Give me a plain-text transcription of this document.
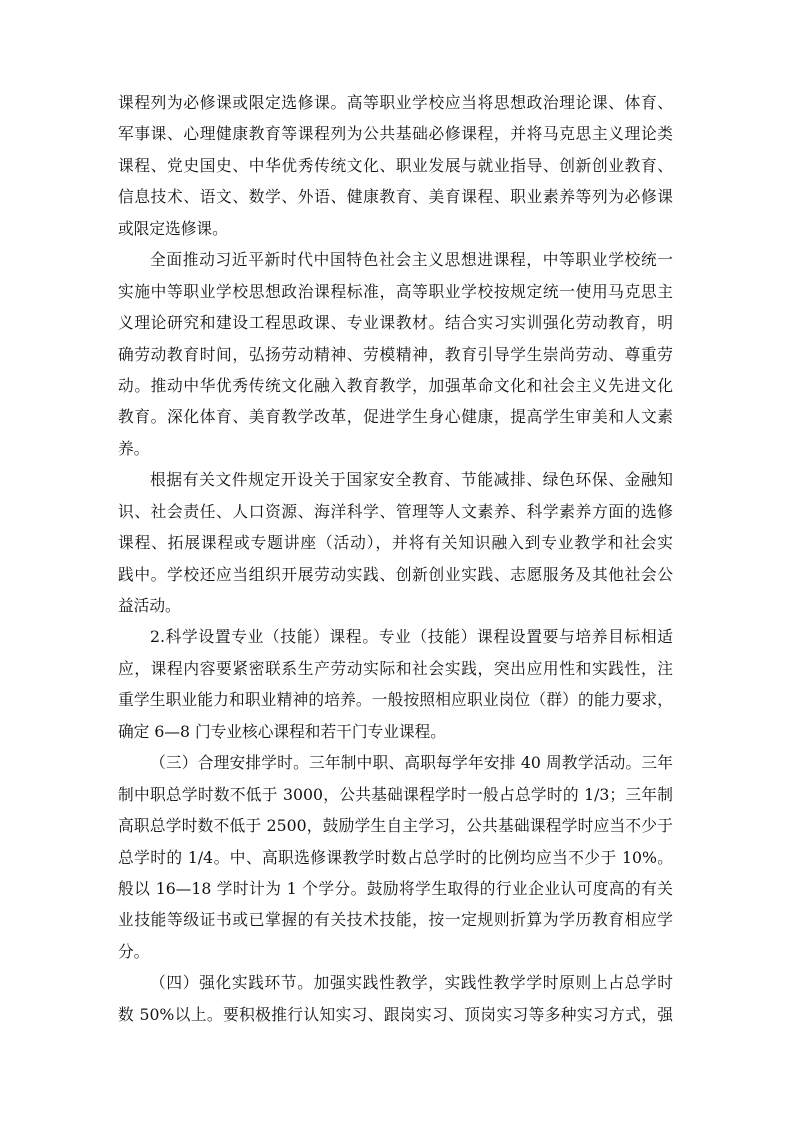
课程列为必修课或限定选修课。高等职业学校应当将思想政治理论课、体育、
军事课、心理健康教育等课程列为公共基础必修课程，并将马克思主义理论类
课程、党史国史、中华优秀传统文化、职业发展与就业指导、创新创业教育、
信息技术、语文、数学、外语、健康教育、美育课程、职业素养等列为必修课
或限定选修课。
全面推动习近平新时代中国特色社会主义思想进课程，中等职业学校统一
实施中等职业学校思想政治课程标准，高等职业学校按规定统一使用马克思主
义理论研究和建设工程思政课、专业课教材。结合实习实训强化劳动教育，明
确劳动教育时间，弘扬劳动精神、劳模精神，教育引导学生崇尚劳动、尊重劳
动。推动中华优秀传统文化融入教育教学，加强革命文化和社会主义先进文化
教育。深化体育、美育教学改革，促进学生身心健康，提高学生审美和人文素
养。
根据有关文件规定开设关于国家安全教育、节能减排、绿色环保、金融知
识、社会责任、人口资源、海洋科学、管理等人文素养、科学素养方面的选修
课程、拓展课程或专题讲座（活动），并将有关知识融入到专业教学和社会实
践中。学校还应当组织开展劳动实践、创新创业实践、志愿服务及其他社会公
益活动。
2.科学设置专业（技能）课程。专业（技能）课程设置要与培养目标相适
应，课程内容要紧密联系生产劳动实际和社会实践，突出应用性和实践性，注
重学生职业能力和职业精神的培养。一般按照相应职业岗位（群）的能力要求，
确定 6—8 门专业核心课程和若干门专业课程。
（三）合理安排学时。三年制中职、高职每学年安排 40 周教学活动。三年
制中职总学时数不低于 3000，公共基础课程学时一般占总学时的 1/3；三年制
高职总学时数不低于 2500，鼓励学生自主学习，公共基础课程学时应当不少于
总学时的 1/4。中、高职选修课教学时数占总学时的比例均应当不少于 10%。
般以 16—18 学时计为 1 个学分。鼓励将学生取得的行业企业认可度高的有关
业技能等级证书或已掌握的有关技术技能，按一定规则折算为学历教育相应学
分。
（四）强化实践环节。加强实践性教学，实践性教学学时原则上占总学时
数 50%以上。要积极推行认知实习、跟岗实习、顶岗实习等多种实习方式，强
